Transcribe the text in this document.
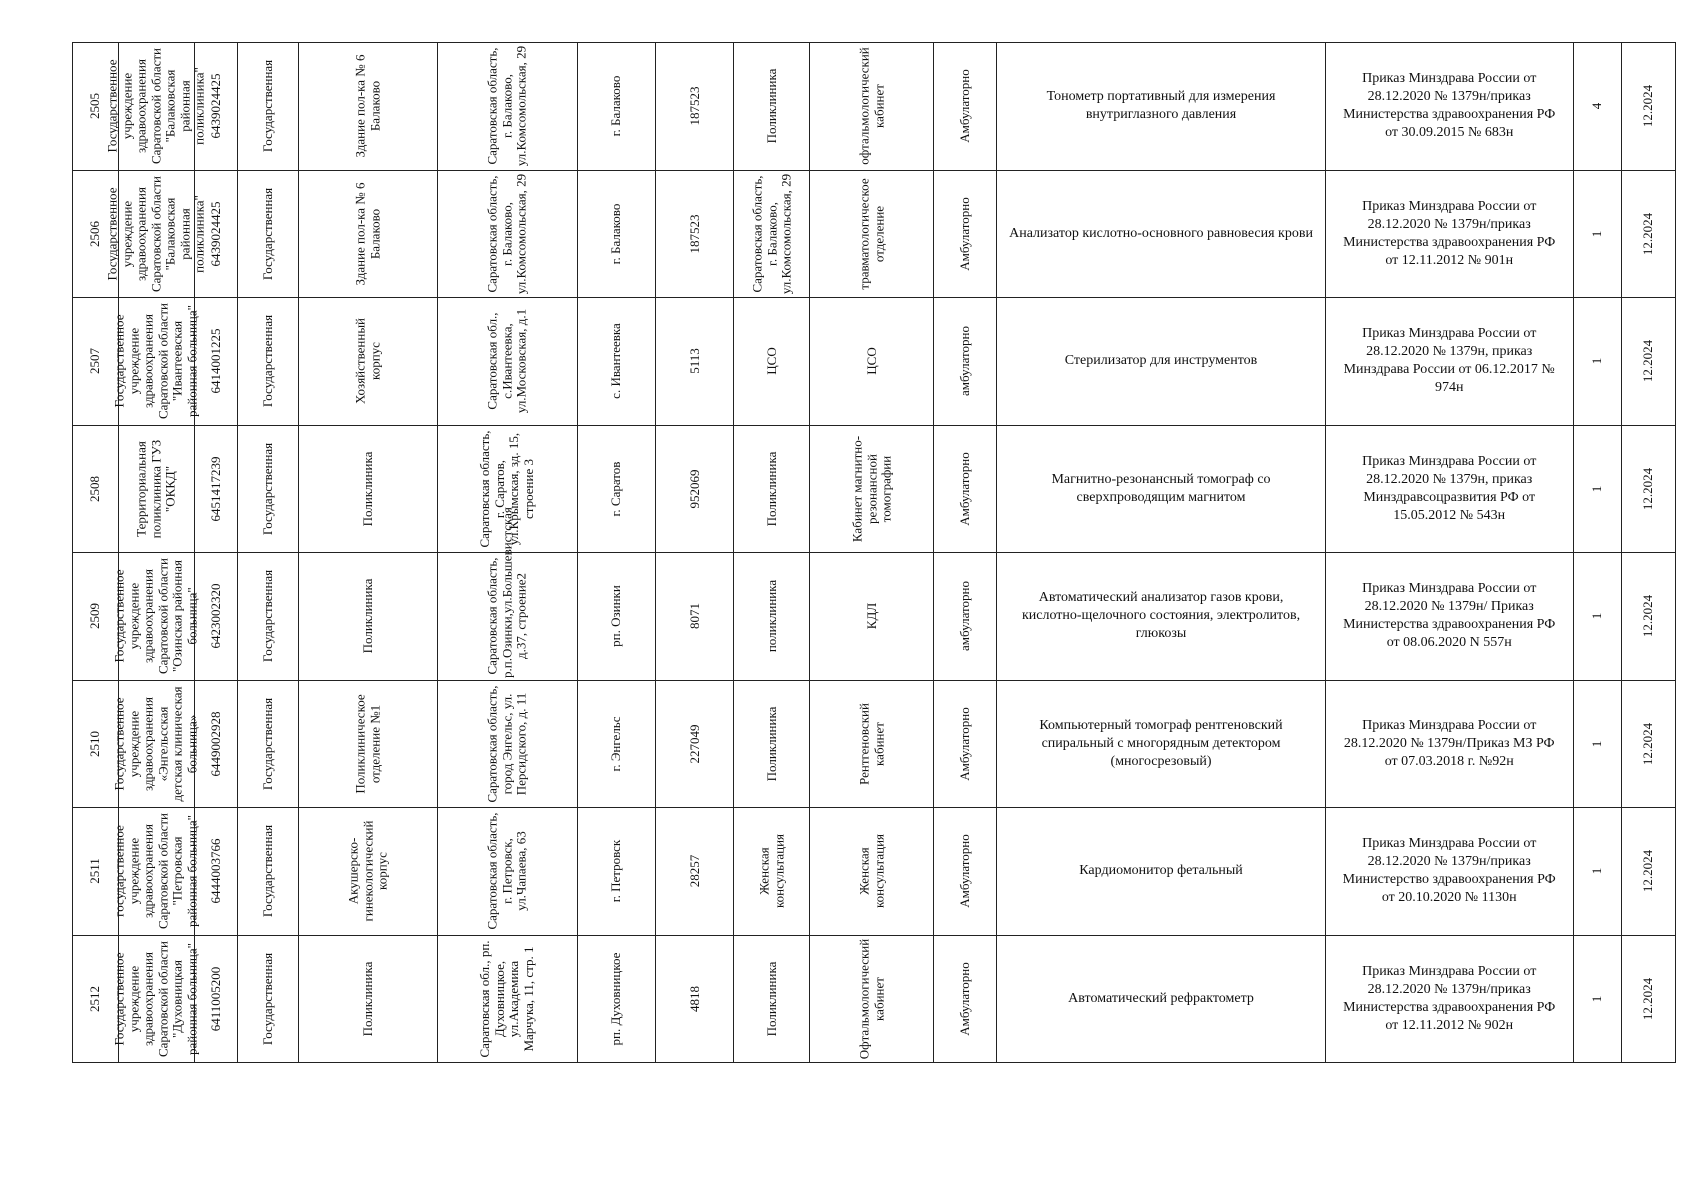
2505	Государственное учреждение здравоохранения Саратовской области "Балаковская районная поликлиника"	6439024425	Государственная	Здание пол-ка № 6 Балаково	Саратовская область, г. Балаково, ул.Комсомольская, 29	г. Балаково	187523	Поликлиника	офтальмологический кабинет	Амбулаторно	Тонометр портативный для измерения внутриглазного давления	Приказ Минздрава России от 28.12.2020 № 1379н/приказ Министерства здравоохранения РФ от 30.09.2015 № 683н	4	12.2024

2506	Государственное учреждение здравоохранения Саратовской области "Балаковская районная поликлиника"	6439024425	Государственная	Здание пол-ка № 6 Балаково	Саратовская область, г. Балаково, ул.Комсомольская, 29	г. Балаково	187523	Саратовская область, г. Балаково, ул.Комсомольская, 29	травматологическое отделение	Амбулаторно	Анализатор кислотно-основного равновесия крови	Приказ Минздрава России от 28.12.2020 № 1379н/приказ Министерства здравоохранения РФ от 12.11.2012 № 901н	1	12.2024

2507	Государственное учреждение здравоохранения Саратовской области "Ивантеевская районная больница"	6414001225	Государственная	Хозяйственный корпус	Саратовская обл., с.Ивантеевка, ул.Московская, д.1	с. Ивантеевка	5113	ЦСО	ЦСО	амбулаторно	Стерилизатор для инструментов	Приказ Минздрава России от 28.12.2020 № 1379н, приказ Минздрава России от 06.12.2017 № 974н	1	12.2024

2508	Территориальная поликлиника ГУЗ "ОККД"	6451417239	Государственная	Поликлиника	Саратовская область, г. Саратов, ул.Крымская, зд. 15, строение 3	г. Саратов	952069	Поликлиника	Кабинет магнитно-резонансной томографии	Амбулаторно	Магнитно-резонансный томограф со сверхпроводящим магнитом	Приказ Минздрава России от 28.12.2020 № 1379н, приказ Минздравсоцразвития РФ от 15.05.2012 № 543н	1	12.2024

2509	Государственное учреждение здравоохранения Саратовской области "Озинская районная больница"	6423002320	Государственная	Поликлиника	Саратовская область, р.п.Озинки,ул.Большевистская д.37, строение2	рп. Озинки	8071	поликлиника	КДЛ	амбулаторно	Автоматический анализатор газов крови, кислотно-щелочного состояния, электролитов, глюкозы	Приказ Минздрава России от 28.12.2020 № 1379н/ Приказ Министерства здравоохранения РФ от 08.06.2020 N 557н	1	12.2024

2510	Государственное учреждение здравоохранения «Энгельсская детская клиническая больница»	6449002928	Государственная	Поликлиническое отделение №1	Саратовская область, город Энгельс, ул. Персидского, д. 11	г. Энгельс	227049	Поликлиника	Рентгеновский кабинет	Амбулаторно	Компьютерный томограф рентгеновский спиральный с многорядным детектором (многосрезовый)	Приказ Минздрава России от 28.12.2020 № 1379н/Приказ МЗ РФ от 07.03.2018 г. №92н	1	12.2024

2511	государственное учреждение здравоохранения Саратовской области "Петровская районная больница"	6444003766	Государственная	Акушерско-гинекологический корпус	Саратовская область, г. Петровск, ул.Чапаева, 63	г. Петровск	28257	Женская консультация	Женская консультация	Амбулаторно	Кардиомонитор фетальный	Приказ Минздрава России от 28.12.2020 № 1379н/приказ Министерство здравоохранения РФ от 20.10.2020 № 1130н	1	12.2024

2512	Государственное учреждение здравоохранения Саратовской области "Духовницкая районная больница"	6411005200	Государственная	Поликлиника	Саратовская обл., рп. Духовницкое, ул.Академика Марчука, 11, стр. 1	рп. Духовницкое	4818	Поликлиника	Офтальмологический кабинет	Амбулаторно	Автоматический рефрактометр	Приказ Минздрава России от 28.12.2020 № 1379н/приказ Министерства здравоохранения РФ от 12.11.2012 № 902н	1	12.2024
